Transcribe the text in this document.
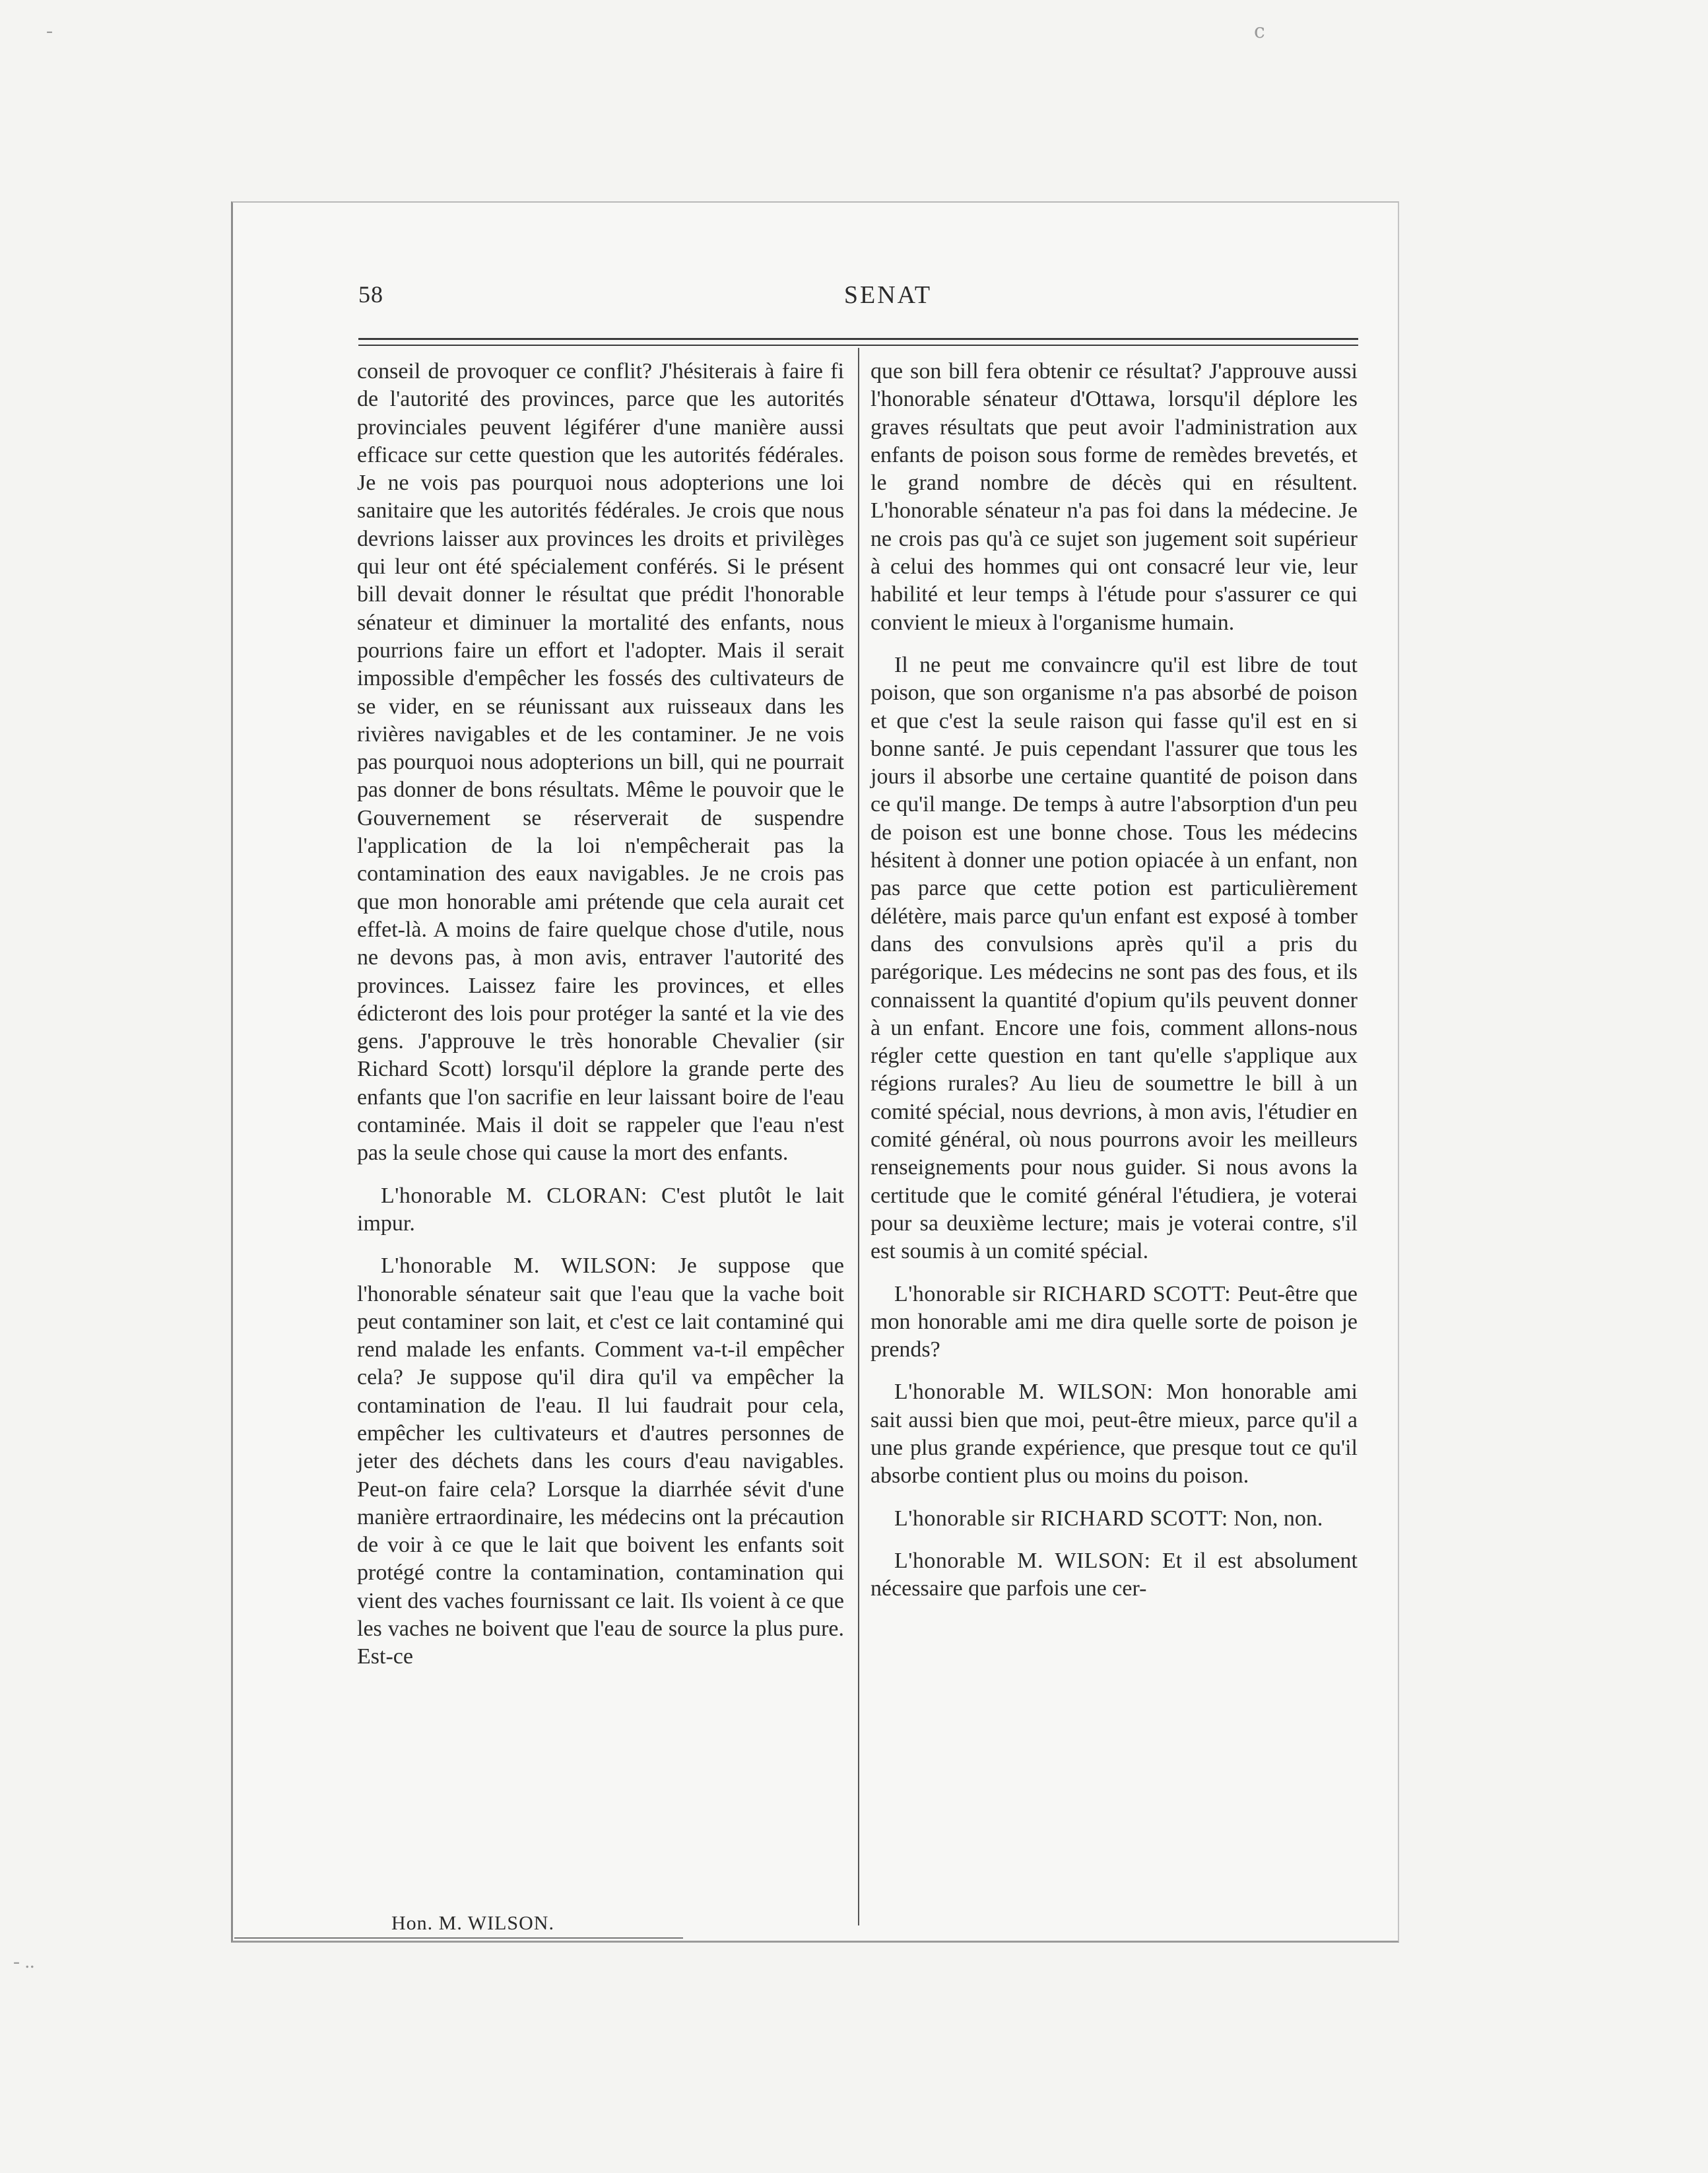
-	ⅽ
- ..
58	SENAT

conseil de provoquer ce conflit? J'hésiterais à faire fi de l'autorité des provinces, parce que les autorités provinciales peuvent légiférer d'une manière aussi efficace sur cette question que les autorités fédérales. Je ne vois pas pourquoi nous adopterions une loi sanitaire que les autorités fédérales. Je crois que nous devrions laisser aux provinces les droits et privilèges qui leur ont été spécialement conférés. Si le présent bill devait donner le résultat que prédit l'honorable sénateur et diminuer la mortalité des enfants, nous pourrions faire un effort et l'adopter. Mais il serait impossible d'empêcher les fossés des cultivateurs de se vider, en se réunissant aux ruisseaux dans les rivières navigables et de les contaminer. Je ne vois pas pourquoi nous adopterions un bill, qui ne pourrait pas donner de bons résultats. Même le pouvoir que le Gouvernement se réserverait de suspendre l'application de la loi n'empêcherait pas la contamination des eaux navigables. Je ne crois pas que mon honorable ami prétende que cela aurait cet effet-là. A moins de faire quelque chose d'utile, nous ne devons pas, à mon avis, entraver l'autorité des provinces. Laissez faire les provinces, et elles édicteront des lois pour protéger la santé et la vie des gens. J'approuve le très honorable Chevalier (sir Richard Scott) lorsqu'il déplore la grande perte des enfants que l'on sacrifie en leur laissant boire de l'eau contaminée. Mais il doit se rappeler que l'eau n'est pas la seule chose qui cause la mort des enfants.

L'honorable M. CLORAN: C'est plutôt le lait impur.

L'honorable M. WILSON: Je suppose que l'honorable sénateur sait que l'eau que la vache boit peut contaminer son lait, et c'est ce lait contaminé qui rend malade les enfants. Comment va-t-il empêcher cela? Je suppose qu'il dira qu'il va empêcher la contamination de l'eau. Il lui faudrait pour cela, empêcher les cultivateurs et d'autres personnes de jeter des déchets dans les cours d'eau navigables. Peut-on faire cela? Lorsque la diarrhée sévit d'une manière ertraordinaire, les médecins ont la précaution de voir à ce que le lait que boivent les enfants soit protégé contre la contamination, contamination qui vient des vaches fournissant ce lait. Ils voient à ce que les vaches ne boivent que l'eau de source la plus pure. Est-ce

que son bill fera obtenir ce résultat? J'approuve aussi l'honorable sénateur d'Ottawa, lorsqu'il déplore les graves résultats que peut avoir l'administration aux enfants de poison sous forme de remèdes brevetés, et le grand nombre de décès qui en résultent. L'honorable sénateur n'a pas foi dans la médecine. Je ne crois pas qu'à ce sujet son jugement soit supérieur à celui des hommes qui ont consacré leur vie, leur habilité et leur temps à l'étude pour s'assurer ce qui convient le mieux à l'organisme humain.

Il ne peut me convaincre qu'il est libre de tout poison, que son organisme n'a pas absorbé de poison et que c'est la seule raison qui fasse qu'il est en si bonne santé. Je puis cependant l'assurer que tous les jours il absorbe une certaine quantité de poison dans ce qu'il mange. De temps à autre l'absorption d'un peu de poison est une bonne chose. Tous les médecins hésitent à donner une potion opiacée à un enfant, non pas parce que cette potion est particulièrement délétère, mais parce qu'un enfant est exposé à tomber dans des convulsions après qu'il a pris du parégorique. Les médecins ne sont pas des fous, et ils connaissent la quantité d'opium qu'ils peuvent donner à un enfant. Encore une fois, comment allons-nous régler cette question en tant qu'elle s'applique aux régions rurales? Au lieu de soumettre le bill à un comité spécial, nous devrions, à mon avis, l'étudier en comité général, où nous pourrons avoir les meilleurs renseignements pour nous guider. Si nous avons la certitude que le comité général l'étudiera, je voterai pour sa deuxième lecture; mais je voterai contre, s'il est soumis à un comité spécial.

L'honorable sir RICHARD SCOTT: Peut-être que mon honorable ami me dira quelle sorte de poison je prends?

L'honorable M. WILSON: Mon honorable ami sait aussi bien que moi, peut-être mieux, parce qu'il a une plus grande expérience, que presque tout ce qu'il absorbe contient plus ou moins du poison.

L'honorable sir RICHARD SCOTT: Non, non.

L'honorable M. WILSON: Et il est absolument nécessaire que parfois une cer-

Hon. M. WILSON.
